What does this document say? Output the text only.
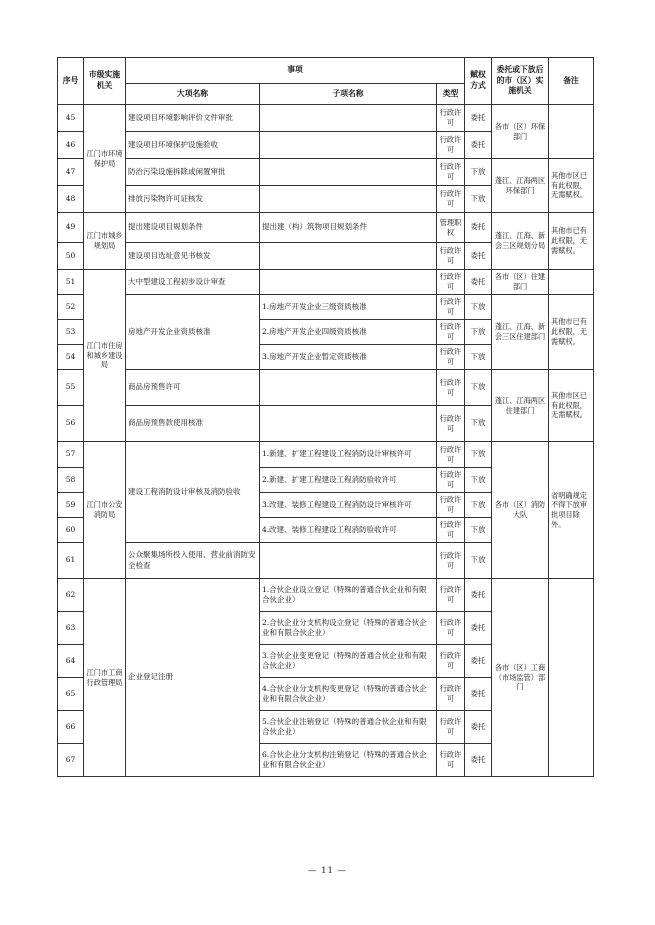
序号	市级实施机关	事项			赋权方式	委托或下放后的市（区）实施机关	备注
		大项名称	子项名称	类型			
45	江门市环境保护局	建设项目环境影响评价文件审批		行政许可	委托	各市（区）环保部门	
46		建设项目环境保护设施验收		行政许可	委托		
47		防治污染设施拆除或闲置审批		行政许可	下放	蓬江、江海两区环保部门	其他市区已有此权限，无需赋权。
48		排放污染物许可证核发		行政许可	下放		
49	江门市城乡规划局	提出建设项目规划条件	提出建（构）筑物项目规划条件	管理职权	委托	蓬江、江海、新会三区规划分局	其他市已有此权限，无需赋权。
50		建设项目选址意见书核发		行政许可	委托		
51	江门市住房和城乡建设局	大中型建设工程初步设计审查		行政许可	委托	各市（区）住建部门	
52		房地产开发企业资质核准	1.房地产开发企业三级资质核准	行政许可	下放	蓬江、江海、新会三区住建部门	其他市已有此权限，无需赋权。
53			2.房地产开发企业四级资质核准	行政许可	下放		
54			3.房地产开发企业暂定资质核准	行政许可	下放		
55		商品房预售许可		行政许可	下放	蓬江、江海两区住建部门	其他市区已有此权限，无需赋权。
56		商品房预售款使用核准		行政许可	下放		
57	江门市公安消防局	建设工程消防设计审核及消防验收	1.新建、扩建工程建设工程消防设计审核许可	行政许可	下放	各市（区）消防大队	省明确规定不得下放审批项目除外。
58			2.新建、扩建工程建设工程消防验收许可	行政许可	下放		
59			3.改建、装修工程建设工程消防设计审核许可	行政许可	下放		
60			4.改建、装修工程建设工程消防验收许可	行政许可	下放		
61		公众聚集场所投入使用、营业前消防安全检查		行政许可	下放		
62	江门市工商行政管理局	企业登记注册	1.合伙企业设立登记（特殊的普通合伙企业和有限合伙企业）	行政许可	委托	各市（区）工商（市场监管）部门	
63			2.合伙企业分支机构设立登记（特殊的普通合伙企业和有限合伙企业）	行政许可	委托		
64			3.合伙企业变更登记（特殊的普通合伙企业和有限合伙企业）	行政许可	委托		
65			4.合伙企业分支机构变更登记（特殊的普通合伙企业和有限合伙企业）	行政许可	委托		
66			5.合伙企业注销登记（特殊的普通合伙企业和有限合伙企业）	行政许可	委托		
67			6.合伙企业分支机构注销登记（特殊的普通合伙企业和有限合伙企业）	行政许可	委托		
— 11 —
